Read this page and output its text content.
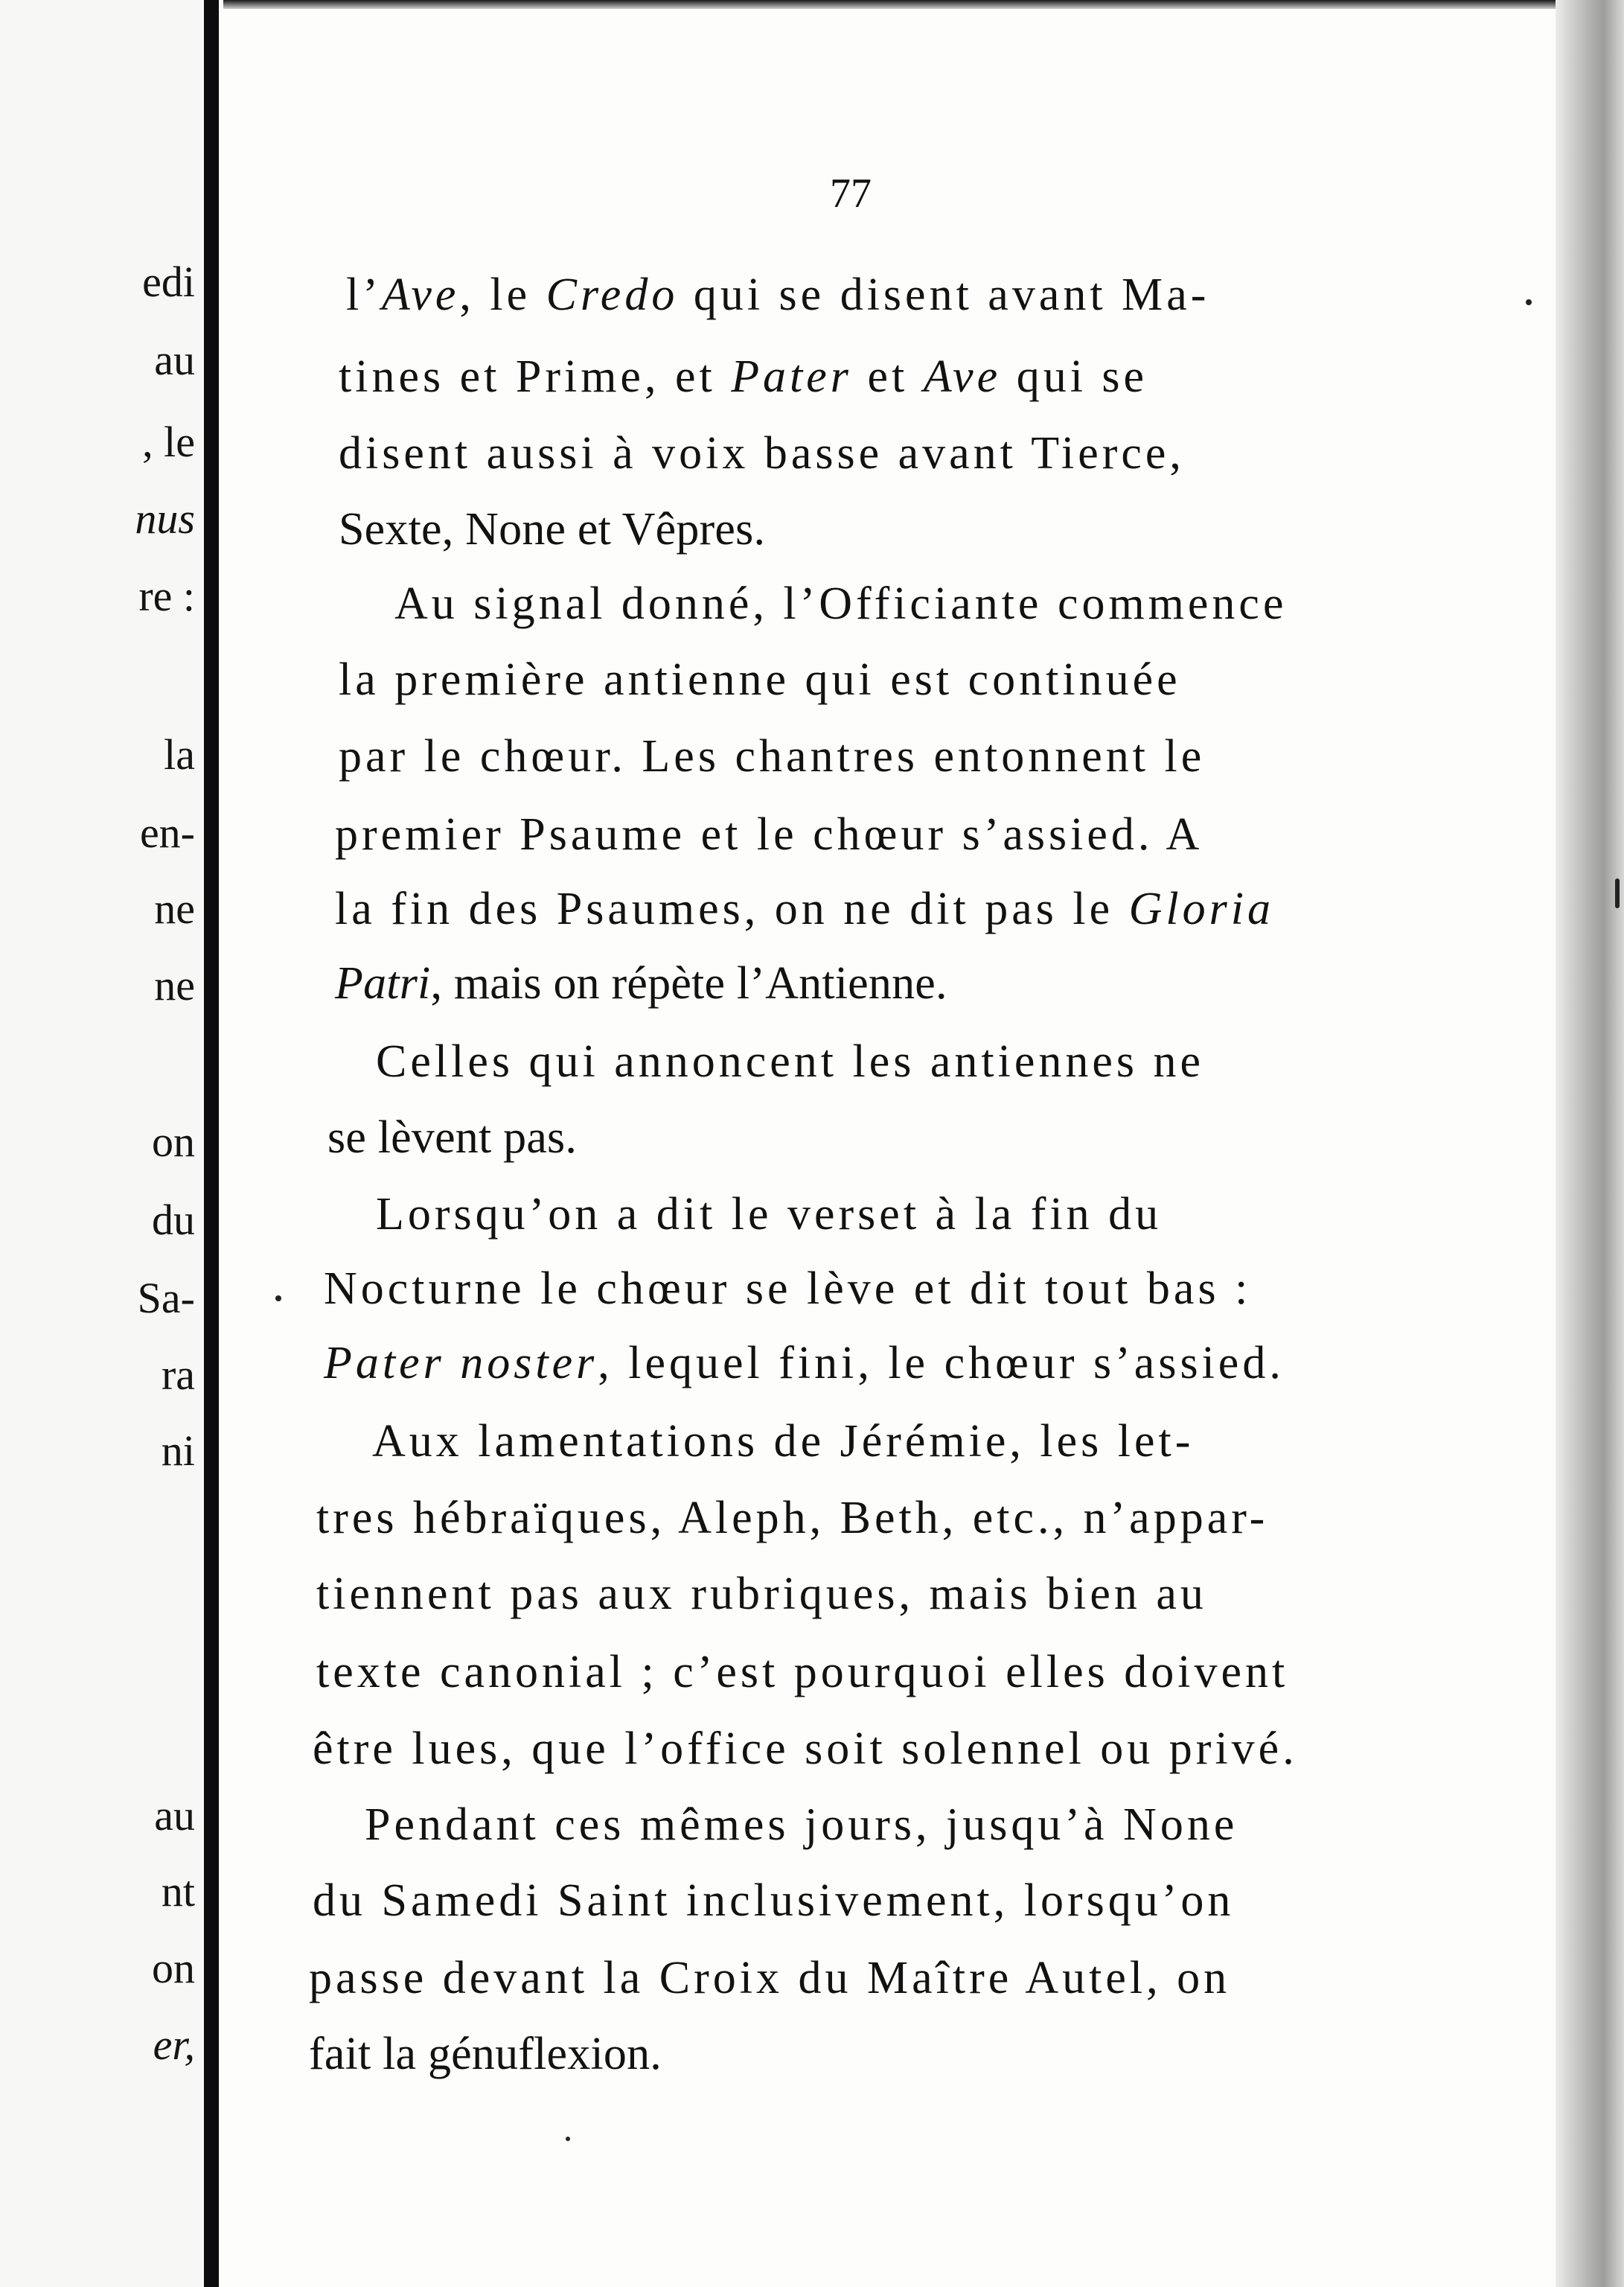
77
l’Ave, le Credo qui se disent avant Ma-
tines et Prime, et Pater et Ave qui se
disent aussi à voix basse avant Tierce,
Sexte, None et Vêpres.
Au signal donné, l’Officiante commence
la première antienne qui est continuée
par le chœur. Les chantres entonnent le
premier Psaume et le chœur s’assied. A
la fin des Psaumes, on ne dit pas le Gloria
Patri, mais on répète l’Antienne.
Celles qui annoncent les antiennes ne
se lèvent pas.
Lorsqu’on a dit le verset à la fin du
Nocturne le chœur se lève et dit tout bas :
Pater noster, lequel fini, le chœur s’assied.
Aux lamentations de Jérémie, les let-
tres hébraïques, Aleph, Beth, etc., n’appar-
tiennent pas aux rubriques, mais bien au
texte canonial ; c’est pourquoi elles doivent
être lues, que l’office soit solennel ou privé.
Pendant ces mêmes jours, jusqu’à None
du Samedi Saint inclusivement, lorsqu’on
passe devant la Croix du Maître Autel, on
fait la génuflexion.
edi
au
, le
nus
re :
la
en-
ne
ne
on
du
Sa-
ra
ni
au
nt
on
er,
